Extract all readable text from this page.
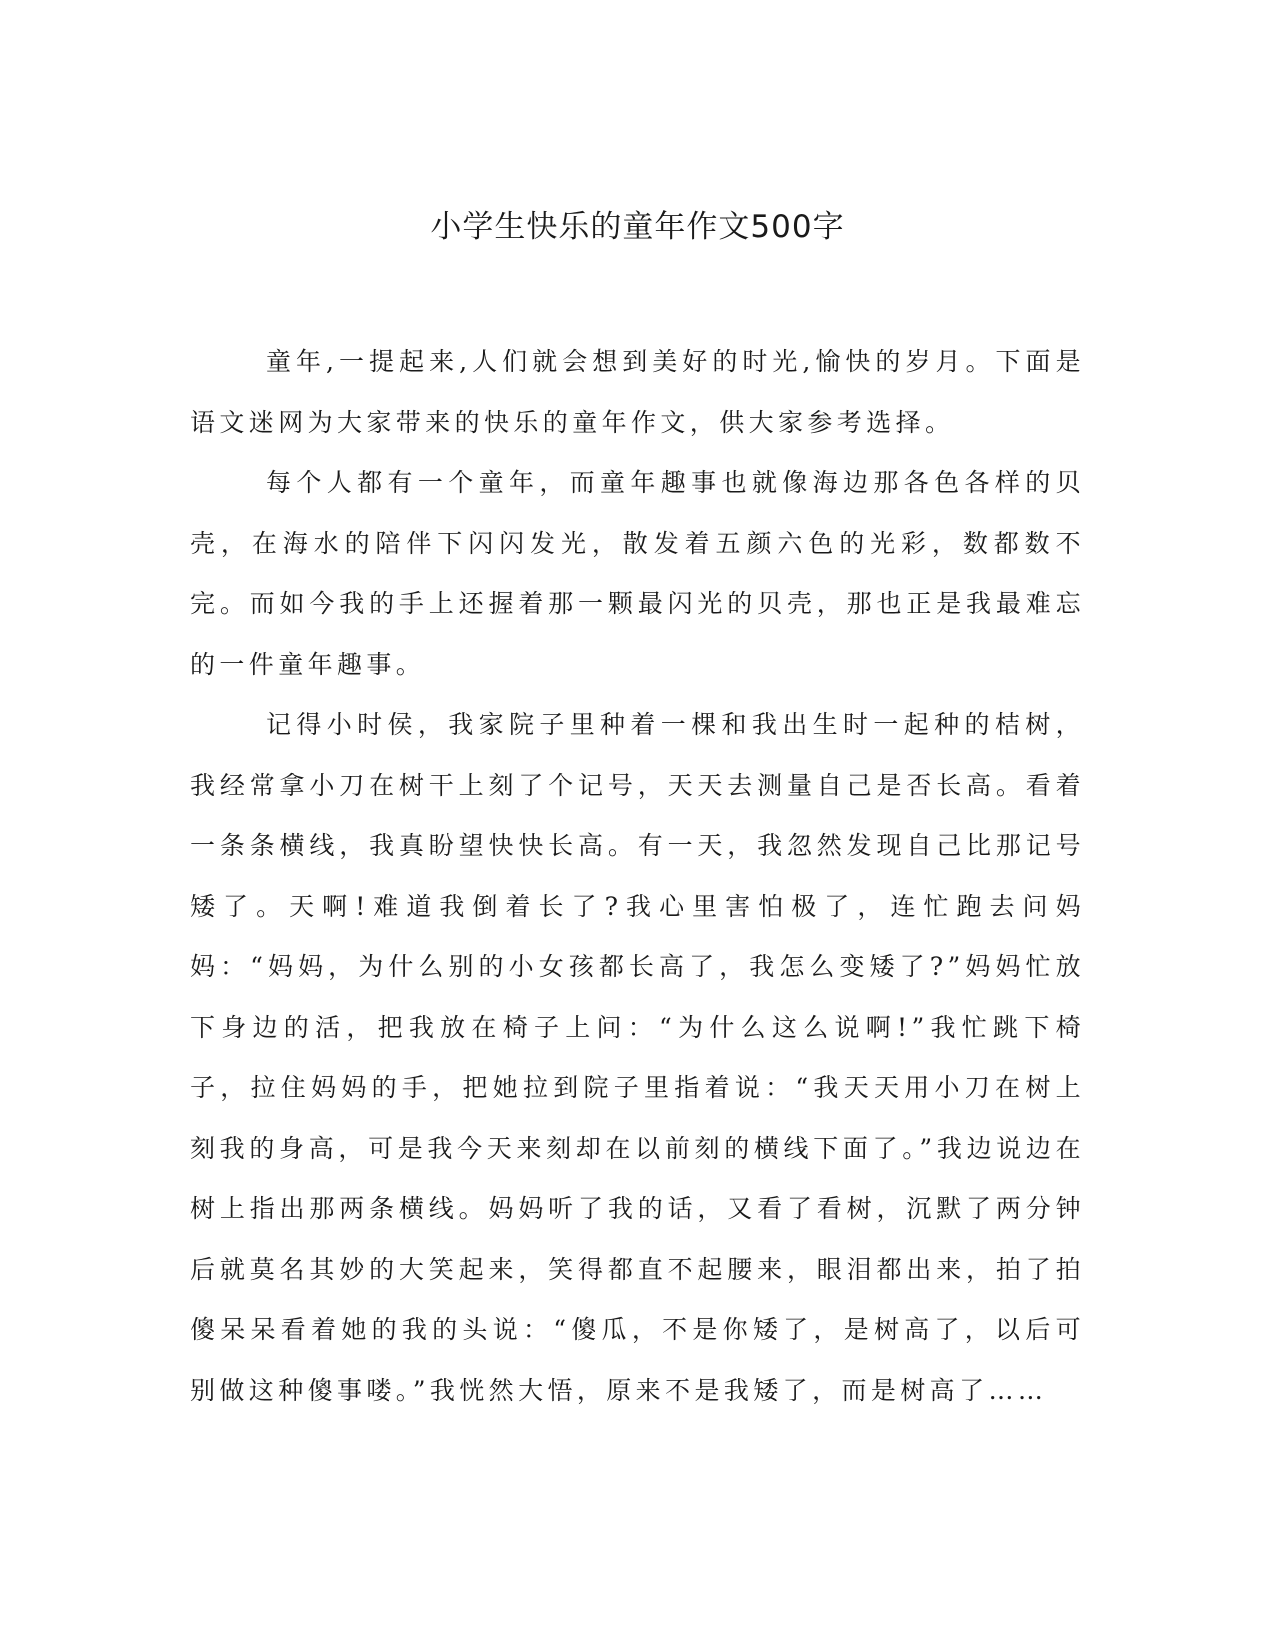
小学生快乐的童年作文500字

童年,一提起来,人们就会想到美好的时光,愉快的岁月。下面是语文迷网为大家带来的快乐的童年作文，供大家参考选择。

每个人都有一个童年，而童年趣事也就像海边那各色各样的贝壳，在海水的陪伴下闪闪发光，散发着五颜六色的光彩，数都数不完。而如今我的手上还握着那一颗最闪光的贝壳，那也正是我最难忘的一件童年趣事。

记得小时侯，我家院子里种着一棵和我出生时一起种的桔树，我经常拿小刀在树干上刻了个记号，天天去测量自己是否长高。看着一条条横线，我真盼望快快长高。有一天，我忽然发现自己比那记号矮了。天啊!难道我倒着长了?我心里害怕极了，连忙跑去问妈妈：“妈妈，为什么别的小女孩都长高了，我怎么变矮了?”妈妈忙放下身边的活，把我放在椅子上问：“为什么这么说啊!”我忙跳下椅子，拉住妈妈的手，把她拉到院子里指着说：“我天天用小刀在树上刻我的身高，可是我今天来刻却在以前刻的横线下面了。”我边说边在树上指出那两条横线。妈妈听了我的话，又看了看树，沉默了两分钟后就莫名其妙的大笑起来，笑得都直不起腰来，眼泪都出来，拍了拍傻呆呆看着她的我的头说：“傻瓜，不是你矮了，是树高了，以后可别做这种傻事喽。”我恍然大悟，原来不是我矮了，而是树高了……
